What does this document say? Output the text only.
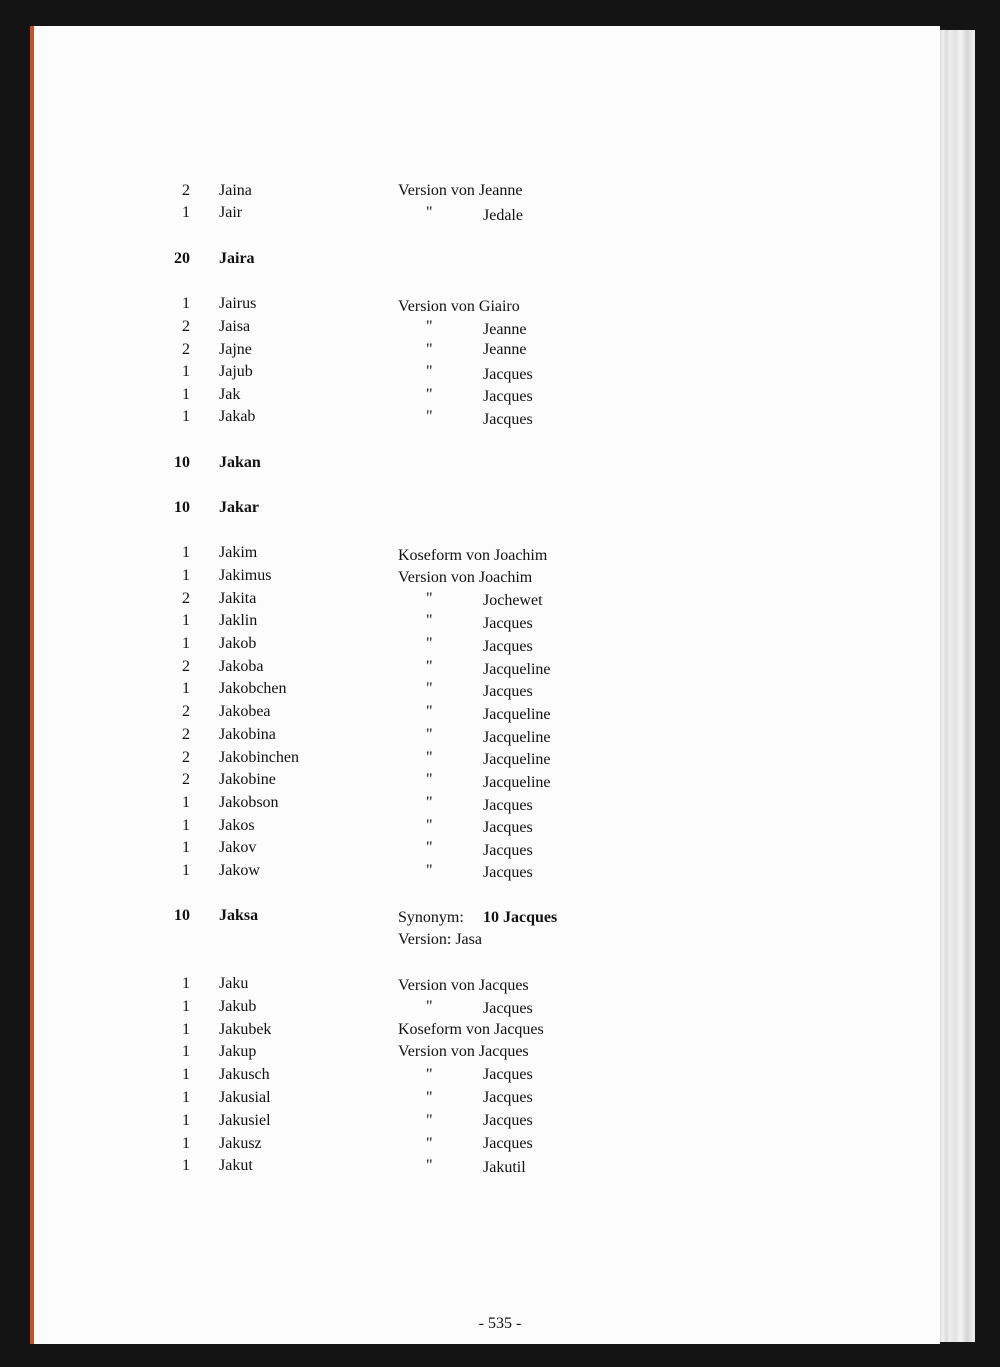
2 Jaina	Version von Jeanne
1 Jair	"	Jedale
20 Jaira
1 Jairus	Version von Giairo
2 Jaisa	"	Jeanne
2 Jajne	"	Jeanne
1 Jajub	"	Jacques
1 Jak	"	Jacques
1 Jakab	"	Jacques
10 Jakan
10 Jakar
1 Jakim	Koseform von Joachim
1 Jakimus	Version von Joachim
2 Jakita	"	Jochewet
1 Jaklin	"	Jacques
1 Jakob	"	Jacques
2 Jakoba	"	Jacqueline
1 Jakobchen	"	Jacques
2 Jakobea	"	Jacqueline
2 Jakobina	"	Jacqueline
2 Jakobinchen	"	Jacqueline
2 Jakobine	"	Jacqueline
1 Jakobson	"	Jacques
1 Jakos	"	Jacques
1 Jakov	"	Jacques
1 Jakow	"	Jacques
10 Jaksa	Synonym: 10 Jacques
Version: Jasa
1 Jaku	Version von Jacques
1 Jakub	"	Jacques
1 Jakubek	Koseform von Jacques
1 Jakup	Version von Jacques
1 Jakusch	"	Jacques
1 Jakusial	"	Jacques
1 Jakusiel	"	Jacques
1 Jakusz	"	Jacques
1 Jakut	"	Jakutil
- 535 -
